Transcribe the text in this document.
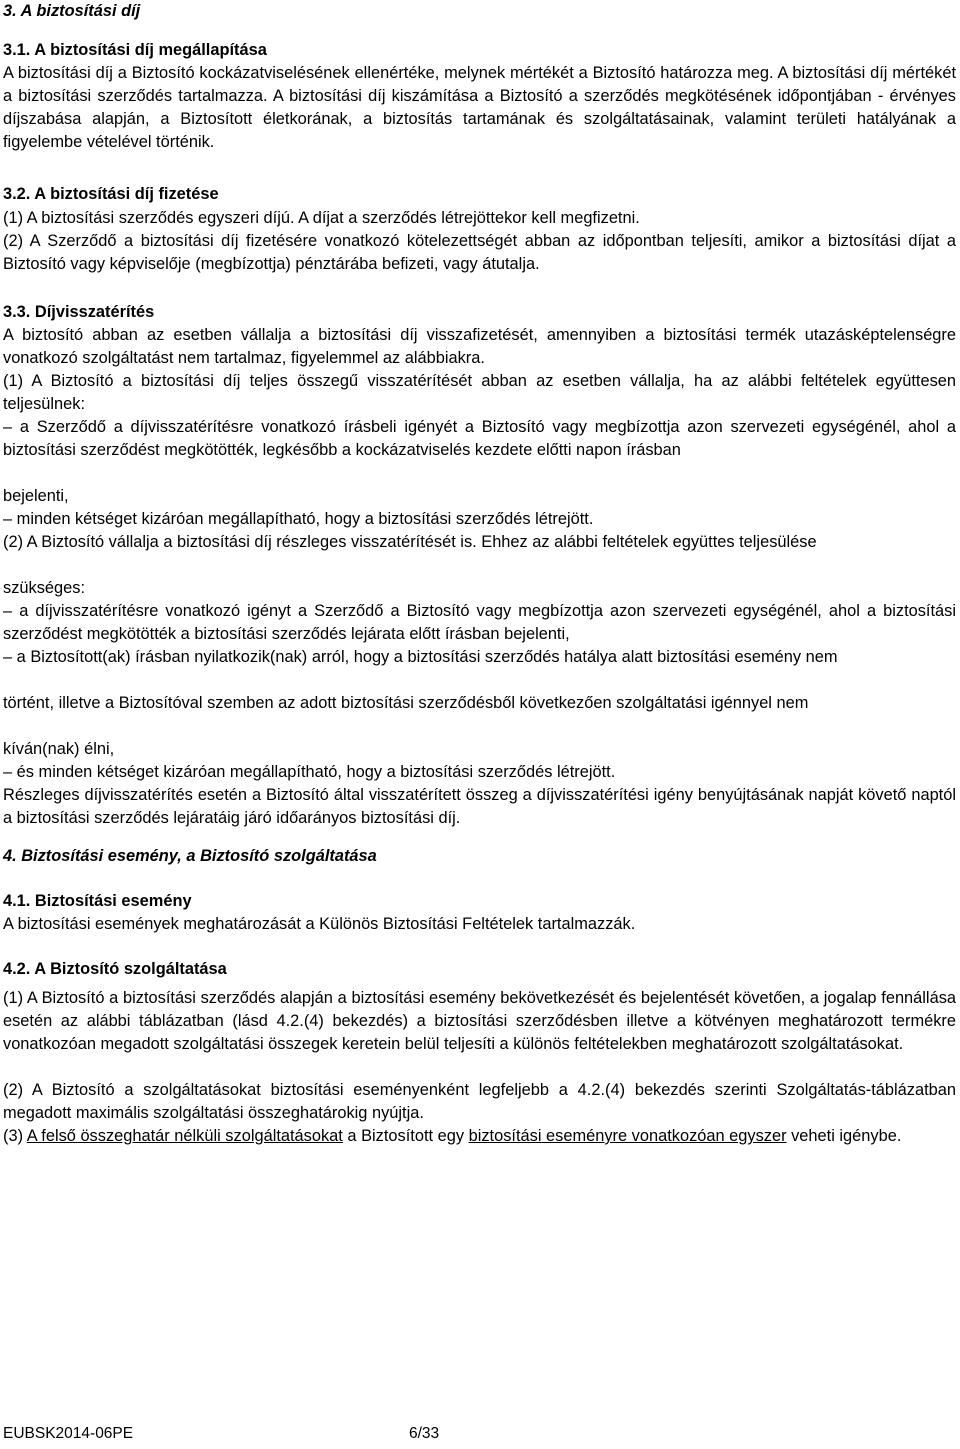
3. A biztosítási díj

3.1. A biztosítási díj megállapítása

A biztosítási díj a Biztosító kockázatviselésének ellenértéke, melynek mértékét a Biztosító határozza meg. A biztosítási díj mértékét a biztosítási szerződés tartalmazza. A biztosítási díj kiszámítása a Biztosító a szerződés megkötésének időpontjában - érvényes díjszabása alapján, a Biztosított életkorának, a biztosítás tartamának és szolgáltatásainak, valamint területi hatályának a figyelembe vételével történik.

3.2. A biztosítási díj fizetése

(1) A biztosítási szerződés egyszeri díjú. A díjat a szerződés létrejöttekor kell megfizetni.

(2) A Szerződő a biztosítási díj fizetésére vonatkozó kötelezettségét abban az időpontban teljesíti, amikor a biztosítási díjat a Biztosító vagy képviselője (megbízottja) pénztárába befizeti, vagy átutalja.

3.3. Díjvisszatérítés

A biztosító abban az esetben vállalja a biztosítási díj visszafizetését, amennyiben a biztosítási termék utazásképtelenségre vonatkozó szolgáltatást nem tartalmaz, figyelemmel az alábbiakra.

(1) A Biztosító a biztosítási díj teljes összegű visszatérítését abban az esetben vállalja, ha az alábbi feltételek együttesen teljesülnek:

– a Szerződő a díjvisszatérítésre vonatkozó írásbeli igényét a Biztosító vagy megbízottja azon szervezeti egységénél, ahol a biztosítási szerződést megkötötték, legkésőbb a kockázatviselés kezdete előtti napon írásban

bejelenti,

– minden kétséget kizáróan megállapítható, hogy a biztosítási szerződés létrejött.

(2) A Biztosító vállalja a biztosítási díj részleges visszatérítését is. Ehhez az alábbi feltételek együttes teljesülése

szükséges:

– a díjvisszatérítésre vonatkozó igényt a Szerződő a Biztosító vagy megbízottja azon szervezeti egységénél, ahol a biztosítási szerződést megkötötték a biztosítási szerződés lejárata előtt írásban bejelenti,

– a Biztosított(ak) írásban nyilatkozik(nak) arról, hogy a biztosítási szerződés hatálya alatt biztosítási esemény nem

történt, illetve a Biztosítóval szemben az adott biztosítási szerződésből következően szolgáltatási igénnyel nem

kíván(nak) élni,

– és minden kétséget kizáróan megállapítható, hogy a biztosítási szerződés létrejött.

Részleges díjvisszatérítés esetén a Biztosító által visszatérített összeg a díjvisszatérítési igény benyújtásának napját követő naptól a biztosítási szerződés lejáratáig járó időarányos biztosítási díj.

4. Biztosítási esemény, a Biztosító szolgáltatása

4.1. Biztosítási esemény

A biztosítási események meghatározását a Különös Biztosítási Feltételek tartalmazzák.

4.2. A Biztosító szolgáltatása

(1) A Biztosító a biztosítási szerződés alapján a biztosítási esemény bekövetkezését és bejelentését követően, a jogalap fennállása esetén az alábbi táblázatban (lásd 4.2.(4) bekezdés) a biztosítási szerződésben illetve a kötvényen meghatározott termékre vonatkozóan megadott szolgáltatási összegek keretein belül teljesíti a különös feltételekben meghatározott szolgáltatásokat.

(2) A Biztosító a szolgáltatásokat biztosítási eseményenként legfeljebb a 4.2.(4) bekezdés szerinti Szolgáltatás-táblázatban megadott maximális szolgáltatási összeghatárokig nyújtja.

(3) A felső összeghatár nélküli szolgáltatásokat a Biztosított egy biztosítási eseményre vonatkozóan egyszer veheti igénybe.

EUBSK2014-06PE	6/33
